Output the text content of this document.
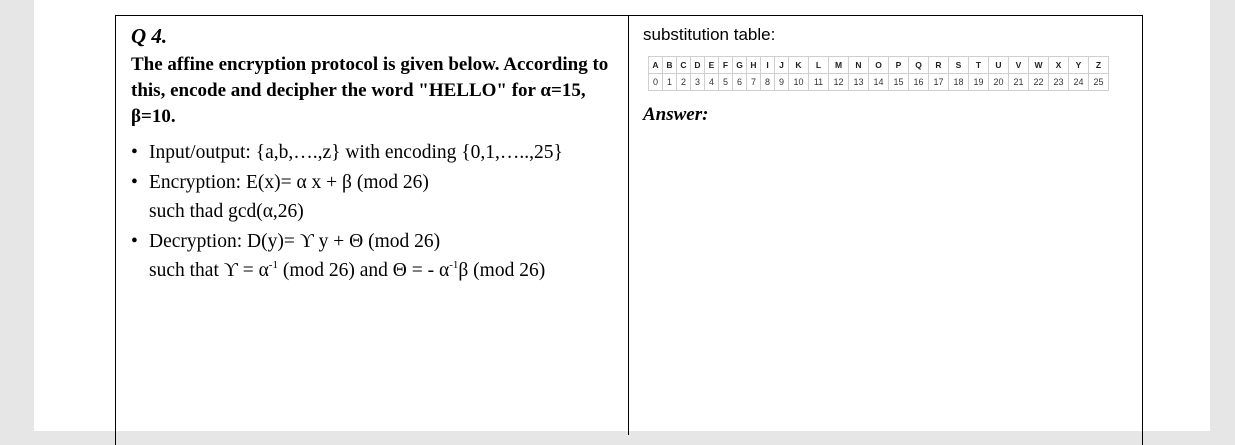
Q 4.
The affine encryption protocol is given below. According to this, encode and decipher the word "HELLO" for α=15, β=10.
• Input/output: {a,b,….,z} with encoding {0,1,…..,25}
• Encryption: E(x)= α x + β (mod 26)
such thad gcd(α,26)
• Decryption: D(y)= ϒ y + Θ (mod 26)
such that $ϒ = \alpha^{-1}$ (mod 26) and Θ = - $\alpha^{-1}\beta$ (mod 26)
substitution table:
A	B	C	D	E	F	G	H	I	J	K	L	M	N	O	P	Q	R	S	T	U	V	W	X	Y	Z
0	1	2	3	4	5	6	7	8	9	10	11	12	13	14	15	16	17	18	19	20	21	22	23	24	25
Answer:
